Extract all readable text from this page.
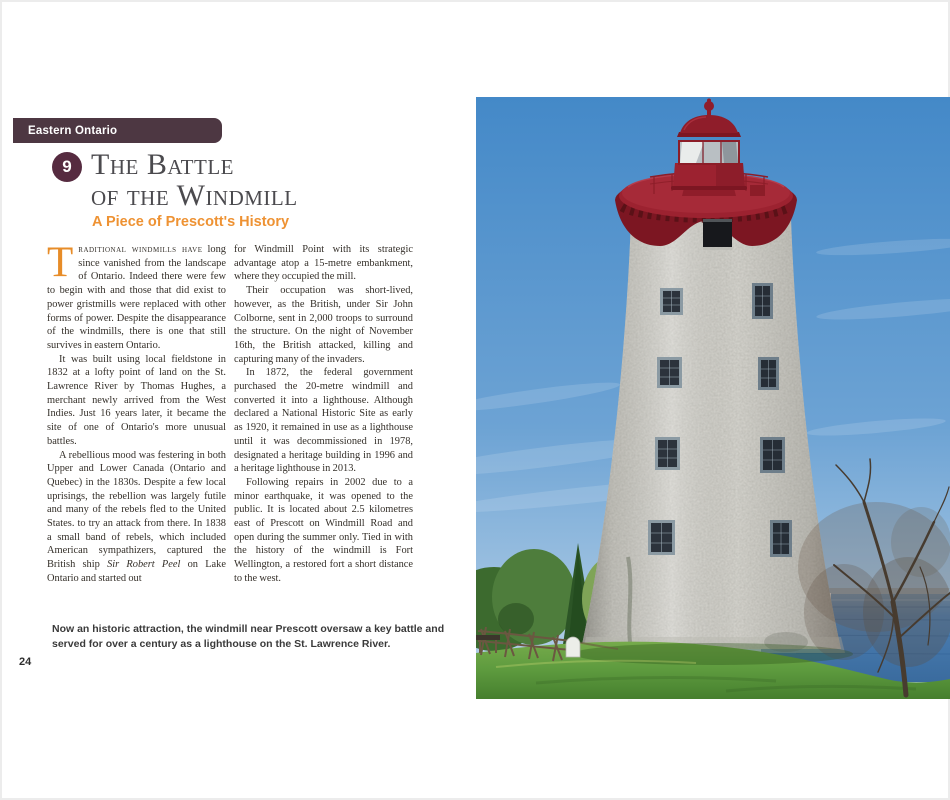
Eastern Ontario
9 The Battle
of the Windmill
A Piece of Prescott's History

Traditional windmills have long since vanished from the landscape of Ontario. Indeed there were few to begin with and those that did exist to power gristmills were replaced with other forms of power. Despite the disappearance of the windmills, there is one that still survives in eastern Ontario.

It was built using local fieldstone in 1832 at a lofty point of land on the St. Lawrence River by Thomas Hughes, a merchant newly arrived from the West Indies. Just 16 years later, it became the site of one of Ontario's more unusual battles.

A rebellious mood was festering in both Upper and Lower Canada (Ontario and Quebec) in the 1830s. Despite a few local uprisings, the rebellion was largely futile and many of the rebels fled to the United States. to try an attack from there. In 1838 a small band of rebels, which included American sympathizers, captured the British ship Sir Robert Peel on Lake Ontario and started out

for Windmill Point with its strategic advantage atop a 15-metre embankment, where they occupied the mill.

Their occupation was short-lived, however, as the British, under Sir John Colborne, sent in 2,000 troops to surround the structure. On the night of November 16th, the British attacked, killing and capturing many of the invaders.

In 1872, the federal government purchased the 20-metre windmill and converted it into a lighthouse. Although declared a National Historic Site as early as 1920, it remained in use as a lighthouse until it was decommissioned in 1978, designated a heritage building in 1996 and a heritage lighthouse in 2013.

Following repairs in 2002 due to a minor earthquake, it was opened to the public. It is located about 2.5 kilometres east of Prescott on Windmill Road and open during the summer only. Tied in with the history of the windmill is Fort Wellington, a restored fort a short distance to the west.

Now an historic attraction, the windmill near Prescott oversaw a key battle and served for over a century as a lighthouse on the St. Lawrence River.
24
